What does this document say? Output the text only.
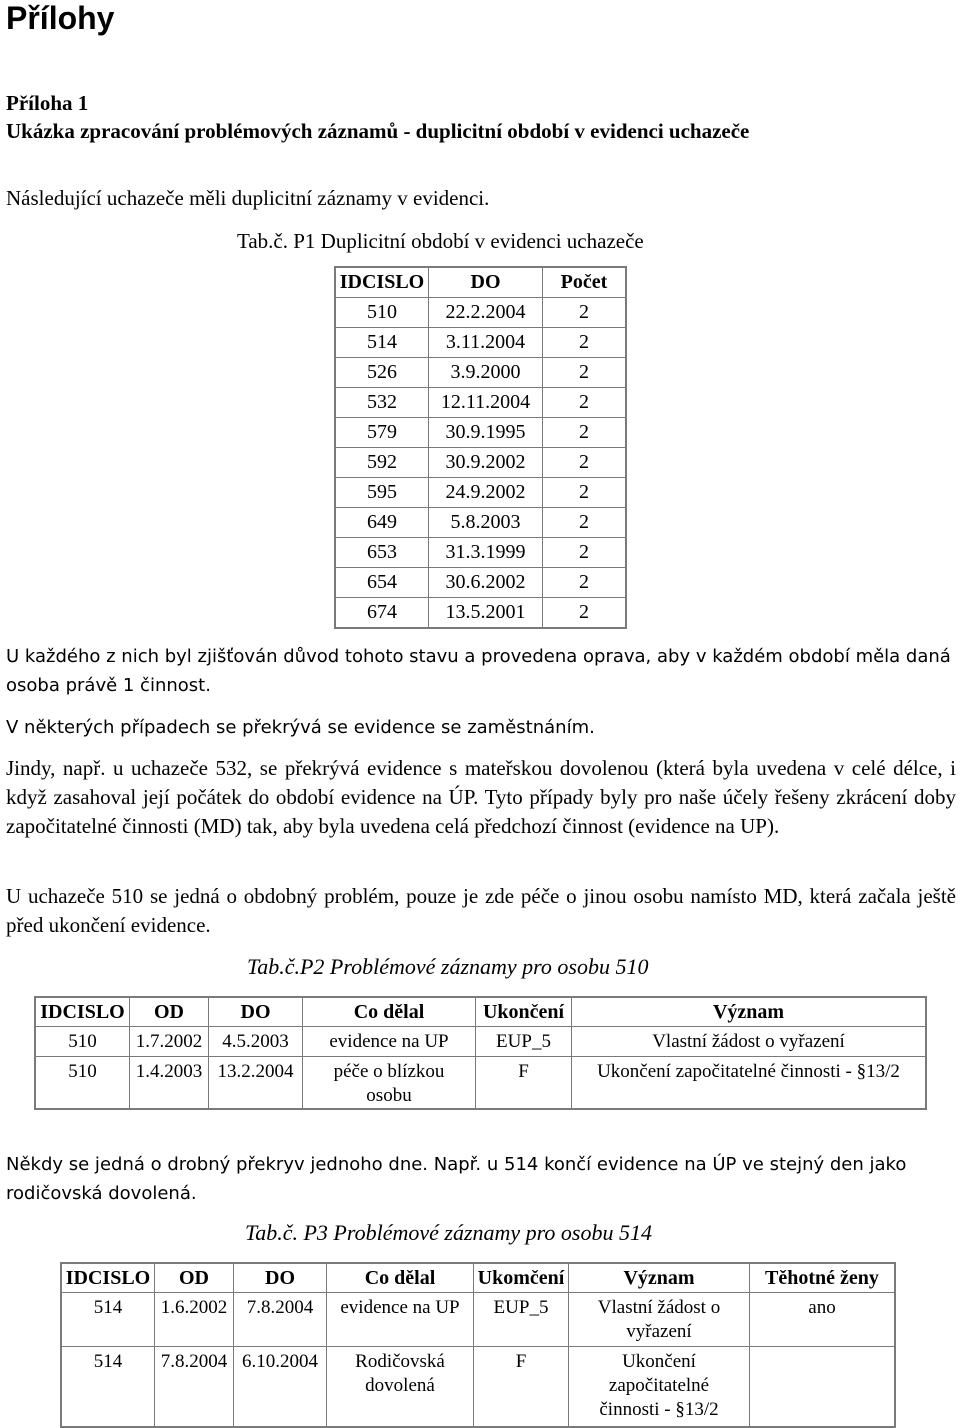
Přílohy
Příloha 1
Ukázka zpracování problémových záznamů - duplicitní období v evidenci uchazeče
Následující uchazeče měli duplicitní záznamy v evidenci.
Tab.č. P1 Duplicitní období v evidenci uchazeče
IDCISLO	DO	Počet
510	22.2.2004	2
514	3.11.2004	2
526	3.9.2000	2
532	12.11.2004	2
579	30.9.1995	2
592	30.9.2002	2
595	24.9.2002	2
649	5.8.2003	2
653	31.3.1999	2
654	30.6.2002	2
674	13.5.2001	2
U každého z nich byl zjišťován důvod tohoto stavu a provedena oprava, aby v každém období měla daná osoba právě 1 činnost.
V některých případech se překrývá se evidence se zaměstnáním.
Jindy, např. u uchazeče 532, se překrývá evidence s mateřskou dovolenou (která byla uvedena v celé délce, i když zasahoval její počátek do období evidence na ÚP. Tyto případy byly pro naše účely řešeny zkrácení doby započitatelné činnosti (MD) tak, aby byla uvedena celá předchozí činnost (evidence na UP).
U uchazeče 510 se jedná o obdobný problém, pouze je zde péče o jinou osobu namísto MD, která začala ještě před ukončení evidence.
Tab.č.P2 Problémové záznamy pro osobu 510
IDCISLO	OD	DO	Co dělal	Ukončení	Význam
510	1.7.2002	4.5.2003	evidence na UP	EUP_5	Vlastní žádost o vyřazení
510	1.4.2003	13.2.2004	péče o blízkou osobu	F	Ukončení započitatelné činnosti - §13/2
Někdy se jedná o drobný překryv jednoho dne. Např. u 514 končí evidence na ÚP ve stejný den jako rodičovská dovolená.
Tab.č. P3 Problémové záznamy pro osobu 514
IDCISLO	OD	DO	Co dělal	Ukomčení	Význam	Těhotné ženy
514	1.6.2002	7.8.2004	evidence na UP	EUP_5	Vlastní žádost o vyřazení	ano
514	7.8.2004	6.10.2004	Rodičovská dovolená	F	Ukončení započitatelné činnosti - §13/2	
